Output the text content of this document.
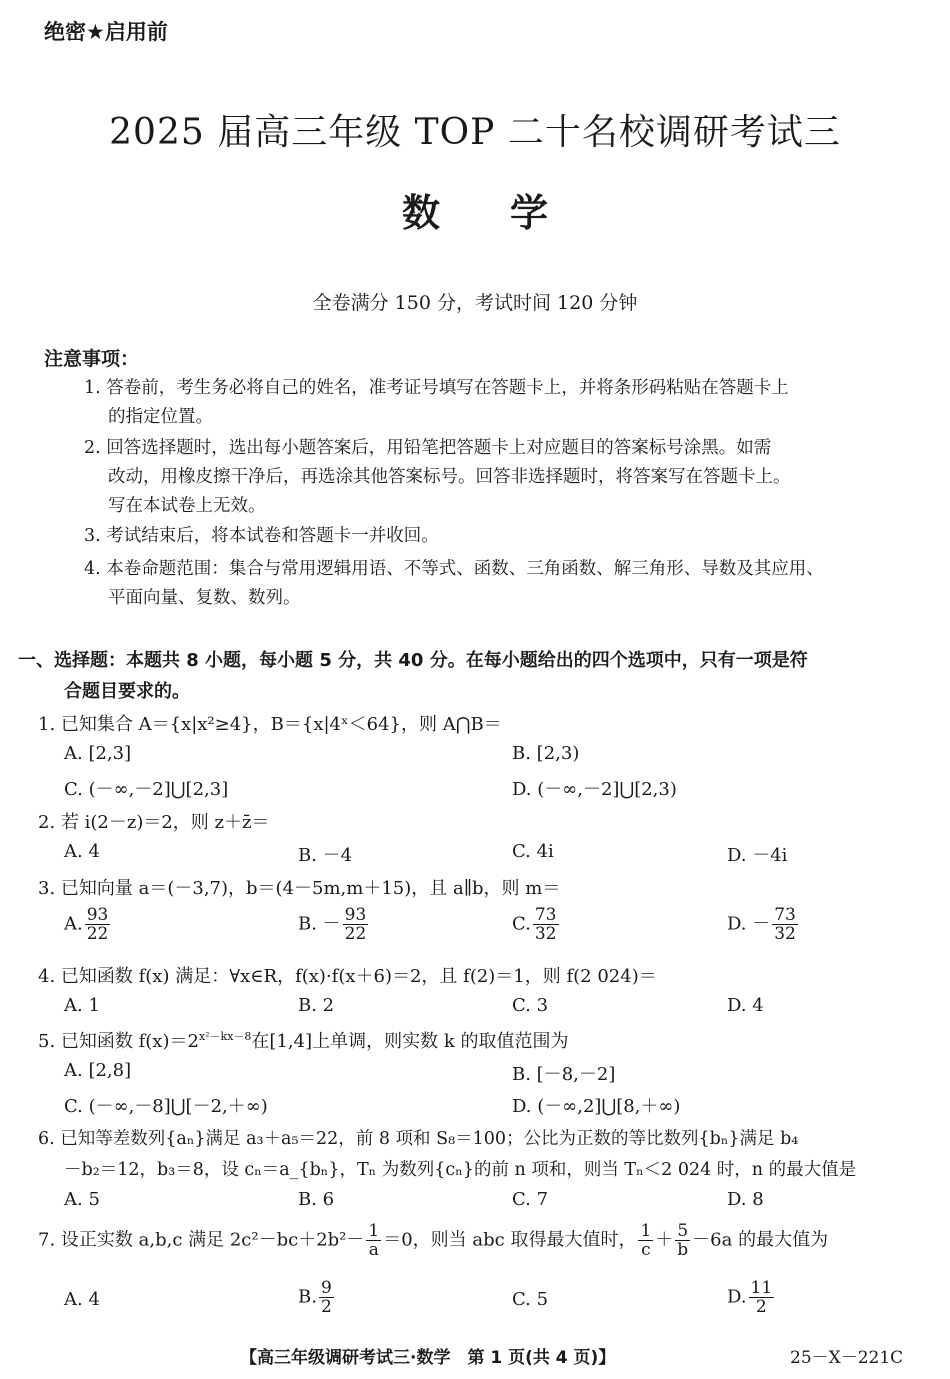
绝密★启用前
2025 届高三年级 TOP 二十名校调研考试三
数学
全卷满分 150 分，考试时间 120 分钟
注意事项：
1. 答卷前，考生务必将自己的姓名，准考证号填写在答题卡上，并将条形码粘贴在答题卡上
的指定位置。
2. 回答选择题时，选出每小题答案后，用铅笔把答题卡上对应题目的答案标号涂黑。如需
改动，用橡皮擦干净后，再选涂其他答案标号。回答非选择题时，将答案写在答题卡上。
写在本试卷上无效。
3. 考试结束后，将本试卷和答题卡一并收回。
4. 本卷命题范围：集合与常用逻辑用语、不等式、函数、三角函数、解三角形、导数及其应用、
平面向量、复数、数列。
一、选择题：本题共 8 小题，每小题 5 分，共 40 分。在每小题给出的四个选项中，只有一项是符
合题目要求的。
1. 已知集合 A＝{x|x²≥4}，B＝{x|4ˣ＜64}，则 A⋂B＝
A. [2,3]	B. [2,3)
C. (－∞,－2]⋃[2,3]	D. (－∞,－2]⋃[2,3)
2. 若 i(2－z)＝2，则 z＋z̄＝
A. 4	B. －4	C. 4i	D. －4i
3. 已知向量 a＝(－3,7)，b＝(4－5m,m＋15)，且 a∥b，则 m＝
A. $\frac{93}{22}$	B. － $\frac{93}{22}$	C. $\frac{73}{32}$	D. － $\frac{73}{32}$
4. 已知函数 f(x) 满足：∀x∈R，f(x)·f(x＋6)＝2，且 f(2)＝1，则 f(2 024)＝
A. 1	B. 2	C. 3	D. 4
5. 已知函数 $f(x)=2^{x^2-kx-8}$在[1,4]上单调，则实数 k 的取值范围为
A. [2,8]	B. [－8,－2]
C. (－∞,－8]⋃[－2,＋∞)	D. (－∞,2]⋃[8,＋∞)
6. 已知等差数列{aₙ}满足 a₃＋a₅＝22，前 8 项和 S₈＝100；公比为正数的等比数列{bₙ}满足 b₄
－b₂＝12，b₃＝8，设 cₙ＝a_{bₙ}，Tₙ 为数列{cₙ}的前 n 项和，则当 Tₙ＜2 024 时，n 的最大值是
A. 5	B. 6	C. 7	D. 8
7. 设正实数 a,b,c 满足 $2c^2-bc+2b^2- \frac{1}{a} =0$，则当 abc 取得最大值时， $\frac{1}{c} + \frac{5}{b} -6a$ 的最大值为
A. 4	B. $\frac{9}{2}$	C. 5	D. $\frac{11}{2}$
【高三年级调研考试三·数学　第 1 页(共 4 页)】	25－X－221C
